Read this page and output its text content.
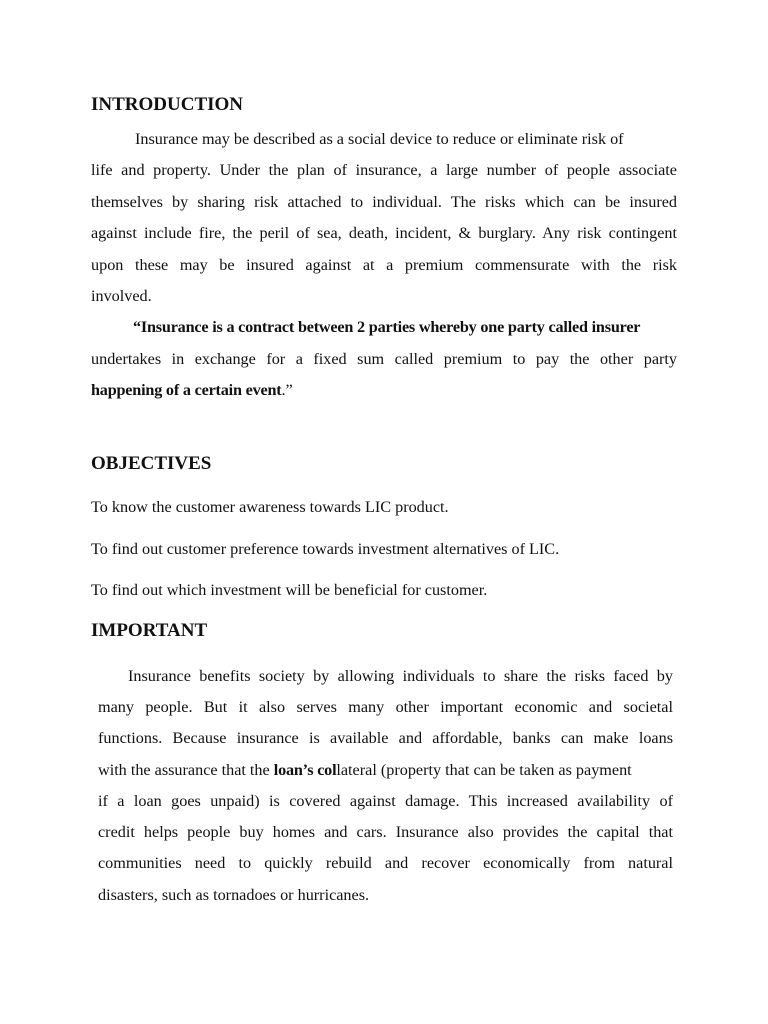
INTRODUCTION
Insurance may be described as a social device to reduce or eliminate risk of
life and property. Under the plan of insurance, a large number of people associate
themselves by sharing risk attached to individual. The risks which can be insured
against include fire, the peril of sea, death, incident, & burglary. Any risk contingent
upon these may be insured against at a premium commensurate with the risk
involved.
“Insurance is a contract between 2 parties whereby one party called insurer
undertakes in exchange for a fixed sum called premium to pay the other party
happening of a certain event.”
OBJECTIVES
To know the customer awareness towards LIC product.
To find out customer preference towards investment alternatives of LIC.
To find out which investment will be beneficial for customer.
IMPORTANT
Insurance benefits society by allowing individuals to share the risks faced by
many people. But it also serves many other important economic and societal
functions. Because insurance is available and affordable, banks can make loans
with the assurance that the loan’s collateral (property that can be taken as payment
if a loan goes unpaid) is covered against damage. This increased availability of
credit helps people buy homes and cars. Insurance also provides the capital that
communities need to quickly rebuild and recover economically from natural
disasters, such as tornadoes or hurricanes.
